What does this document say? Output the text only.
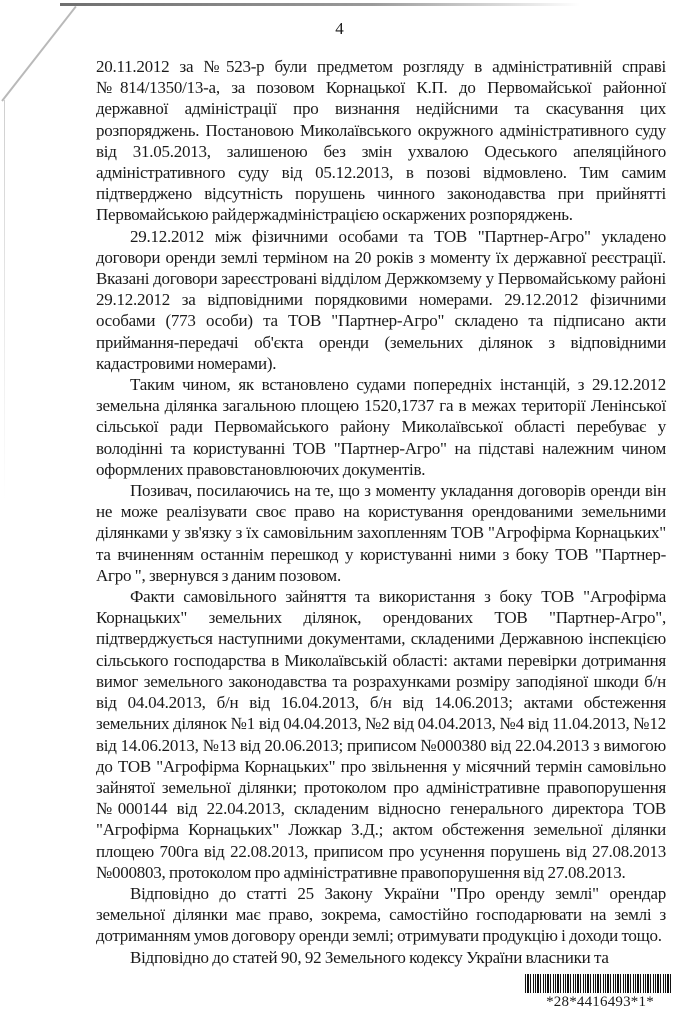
4

20.11.2012 за №523-р були предметом розгляду в адміністративній справі №814/1350/13-а, за позовом Корнацької К.П. до Первомайської районної державної адміністрації про визнання недійсними та скасування цих розпоряджень. Постановою Миколаївського окружного адміністративного суду від 31.05.2013, залишеною без змін ухвалою Одеського апеляційного адміністративного суду від 05.12.2013, в позові відмовлено. Тим самим підтверджено відсутність порушень чинного законодавства при прийнятті Первомайською райдержадміністрацією оскаржених розпоряджень.

29.12.2012 між фізичними особами та ТОВ "Партнер-Агро" укладено договори оренди землі терміном на 20 років з моменту їх державної реєстрації. Вказані договори зареєстровані відділом Держкомзему у Первомайському районі 29.12.2012 за відповідними порядковими номерами. 29.12.2012 фізичними особами (773 особи) та ТОВ "Партнер-Агро" складено та підписано акти приймання-передачі об'єкта оренди (земельних ділянок з відповідними кадастровими номерами).

Таким чином, як встановлено судами попередніх інстанцій, з 29.12.2012 земельна ділянка загальною площею 1520,1737 га в межах території Ленінської сільської ради Первомайського району Миколаївської області перебуває у володінні та користуванні ТОВ "Партнер-Агро" на підставі належним чином оформлених правовстановлюючих документів.

Позивач, посилаючись на те, що з моменту укладання договорів оренди він не може реалізувати своє право на користування орендованими земельними ділянками у зв'язку з їх самовільним захопленням ТОВ "Агрофірма Корнацьких" та вчиненням останнім перешкод у користуванні ними з боку ТОВ "Партнер-Агро ", звернувся з даним позовом.

Факти самовільного зайняття та використання з боку ТОВ "Агрофірма Корнацьких" земельних ділянок, орендованих ТОВ "Партнер-Агро", підтверджується наступними документами, складеними Державною інспекцією сільського господарства в Миколаївській області: актами перевірки дотримання вимог земельного законодавства та розрахунками розміру заподіяної шкоди б/н від 04.04.2013, б/н від 16.04.2013, б/н від 14.06.2013; актами обстеження земельних ділянок №1 від 04.04.2013, №2 від 04.04.2013, №4 від 11.04.2013, №12 від 14.06.2013, №13 від 20.06.2013; приписом №000380 від 22.04.2013 з вимогою до ТОВ "Агрофірма Корнацьких" про звільнення у місячний термін самовільно зайнятої земельної ділянки; протоколом про адміністративне правопорушення №000144 від 22.04.2013, складеним відносно генерального директора ТОВ "Агрофірма Корнацьких" Ложкар З.Д.; актом обстеження земельної ділянки площею 700га від 22.08.2013, приписом про усунення порушень від 27.08.2013 №000803, протоколом про адміністративне правопорушення від 27.08.2013.

Відповідно до статті 25 Закону України "Про оренду землі" орендар земельної ділянки має право, зокрема, самостійно господарювати на землі з дотриманням умов договору оренди землі; отримувати продукцію і доходи тощо.

Відповідно до статей 90, 92 Земельного кодексу України власники та

*28*4416493*1*
